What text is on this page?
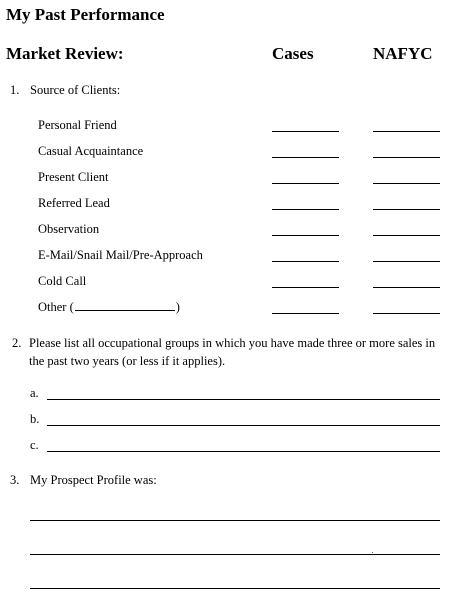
My Past Performance
Market Review:	Cases	NAFYC
1. Source of Clients:
Personal Friend
Casual Acquaintance
Present Client
Referred Lead
Observation
E-Mail/Snail Mail/Pre-Approach
Cold Call
Other (	)
2. Please list all occupational groups in which you have made three or more sales in the past two years (or less if it applies).
a.
b.
c.
3. My Prospect Profile was:
